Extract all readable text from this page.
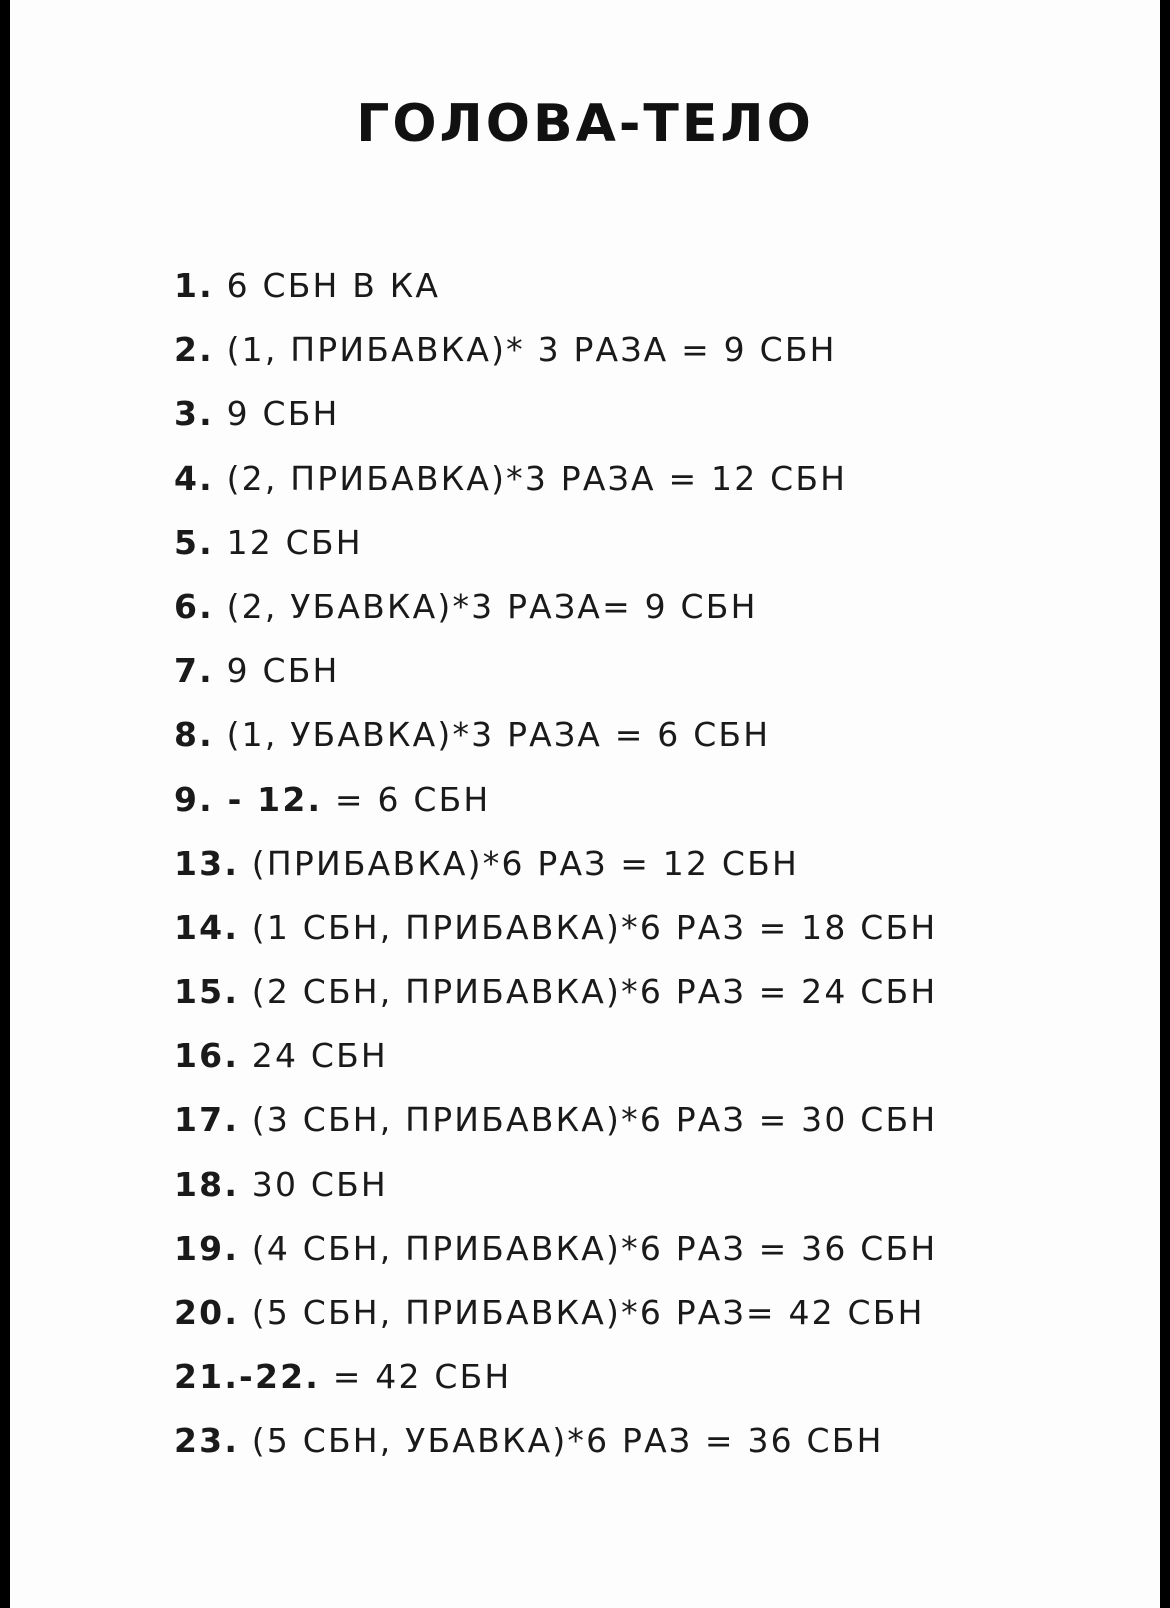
ГОЛОВА-ТЕЛО
1. 6 СБН В КА
2. (1, ПРИБАВКА)* 3 РАЗА = 9 СБН
3. 9 СБН
4. (2, ПРИБАВКА)*3 РАЗА = 12 СБН
5. 12 СБН
6. (2, УБАВКА)*3 РАЗА= 9 СБН
7. 9 СБН
8. (1, УБАВКА)*3 РАЗА = 6 СБН
9. - 12. = 6 СБН
13. (ПРИБАВКА)*6 РАЗ = 12 СБН
14. (1 СБН, ПРИБАВКА)*6 РАЗ = 18 СБН
15. (2 СБН, ПРИБАВКА)*6 РАЗ = 24 СБН
16. 24 СБН
17. (3 СБН, ПРИБАВКА)*6 РАЗ = 30 СБН
18. 30 СБН
19. (4 СБН, ПРИБАВКА)*6 РАЗ = 36 СБН
20. (5 СБН, ПРИБАВКА)*6 РАЗ= 42 СБН
21.-22. = 42 СБН
23. (5 СБН, УБАВКА)*6 РАЗ = 36 СБН
